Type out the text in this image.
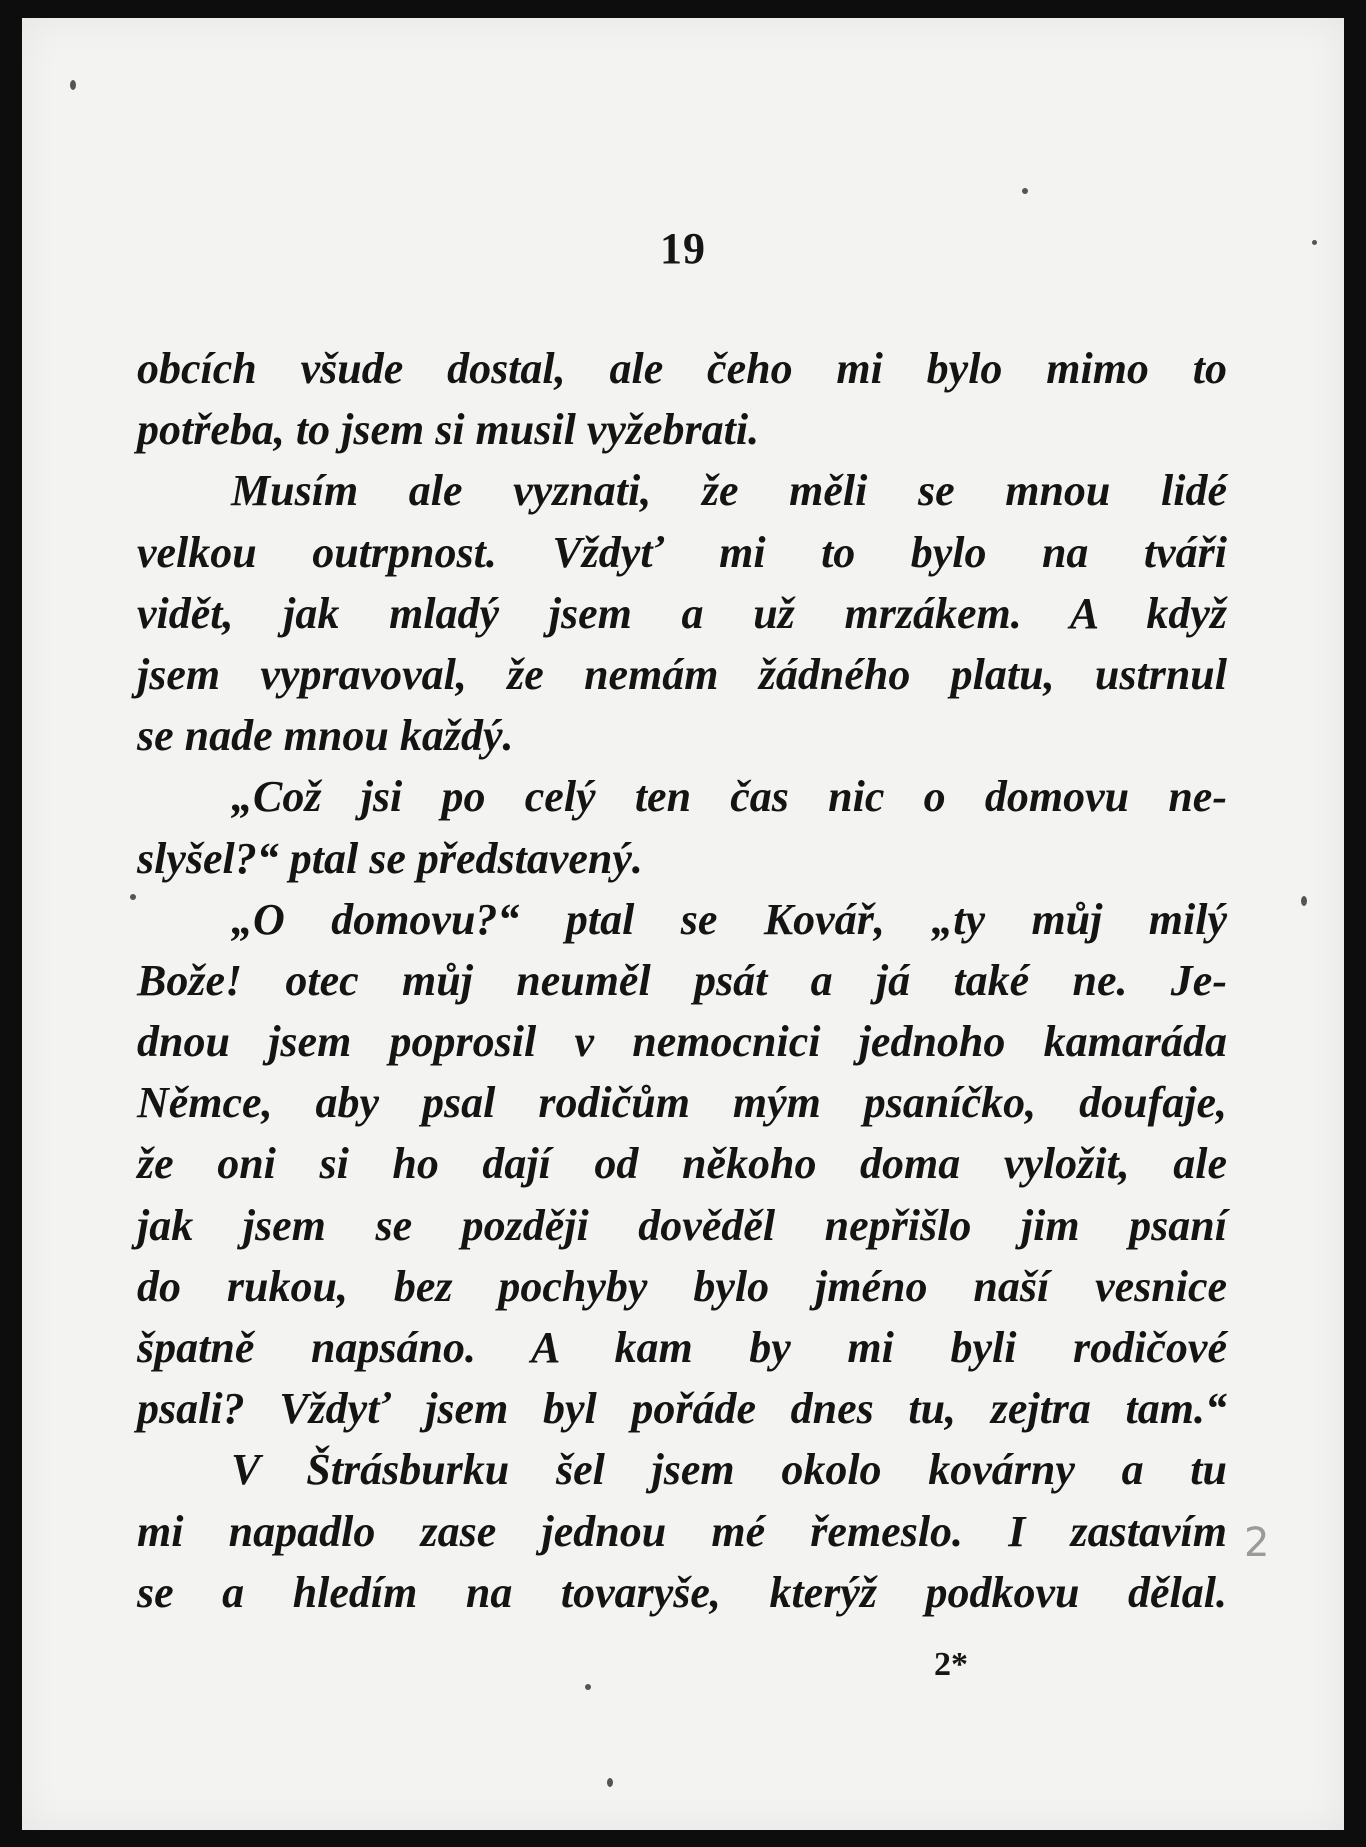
19
obcích všude dostal, ale čeho mi bylo mimo to
potřeba, to jsem si musil vyžebrati.
Musím ale vyznati, že měli se mnou lidé
velkou outrpnost. Vždyť mi to bylo na tváři
vidět, jak mladý jsem a už mrzákem. A když
jsem vypravoval, že nemám žádného platu, ustrnul
se nade mnou každý.
„Což jsi po celý ten čas nic o domovu ne-
slyšel?“ ptal se představený.
„O domovu?“ ptal se Kovář, „ty můj milý
Bože! otec můj neuměl psát a já také ne. Je-
dnou jsem poprosil v nemocnici jednoho kamaráda
Němce, aby psal rodičům mým psaníčko, doufaje,
že oni si ho dají od někoho doma vyložit, ale
jak jsem se později dověděl nepřišlo jim psaní
do rukou, bez pochyby bylo jméno naší vesnice
špatně napsáno. A kam by mi byli rodičové
psali? Vždyť jsem byl pořáde dnes tu, zejtra tam.“
V Štrásburku šel jsem okolo kovárny a tu
mi napadlo zase jednou mé řemeslo. I zastavím
se a hledím na tovaryše, kterýž podkovu dělal.
2*
2
